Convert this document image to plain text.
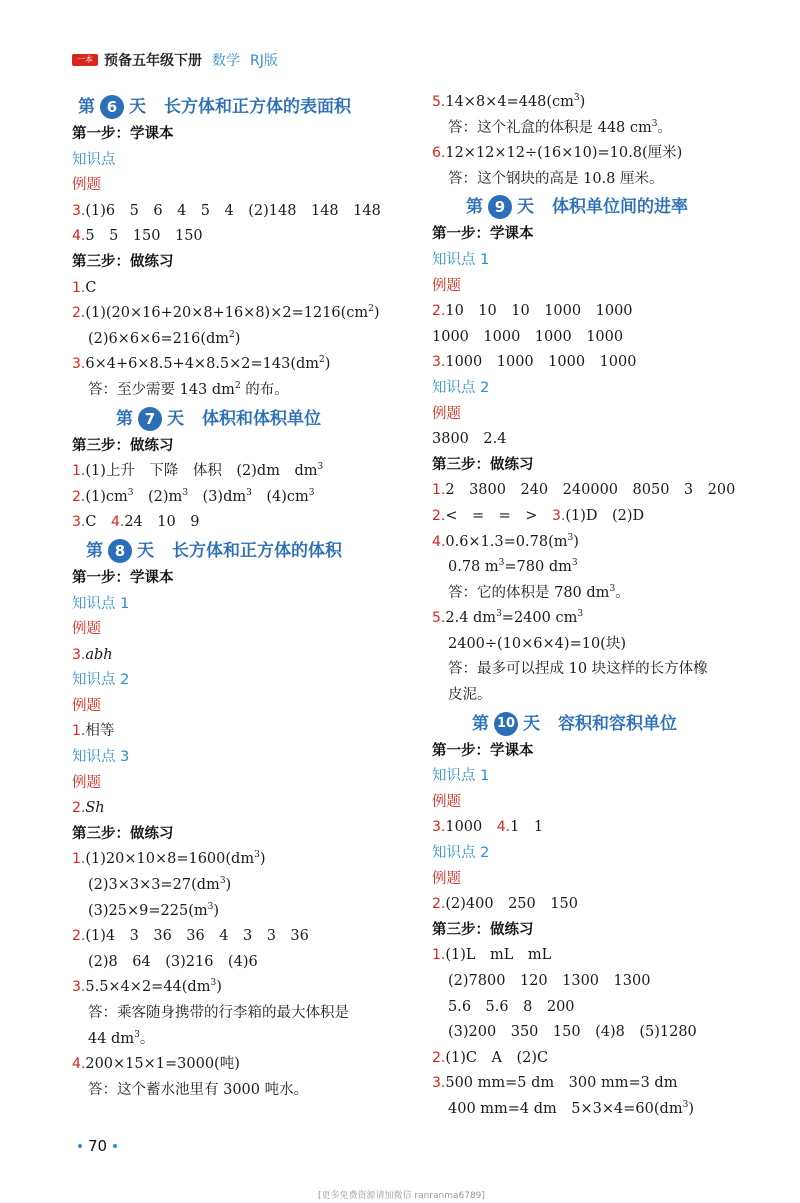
一本 预备五年级下册 数学 RJ版
第 6 天 长方体和正方体的表面积
第一步：学课本
知识点
例题
3.(1)6　5　6　4　5　4　(2)148　148　148
4.5　5　150　150
第三步：做练习
1.C
$2.(1)(20\times 16+20\times 8+16\times 8)\times 2=1216(cm^2)$
$(2)6\times 6\times 6=216(dm^2)$
$3.6\times 4+6\times 8.5+4\times 8.5\times 2=143(dm^2)$
答：至少需要 143 $dm^2$ 的布。
第 7 天 体积和体积单位
第三步：做练习
1.(1)上升　下降　体积　(2)dm　$dm^3$
$2.(1)cm^3$　$(2)m^3$　$(3)dm^3$　$(4)cm^3$
3.C　 4.24　10　9
第 8 天 长方体和正方体的体积
第一步：学课本
知识点 1
例题
3.abh
知识点 2
例题
1.相等
知识点 3
例题
2.Sh
第三步：做练习
$1.(1)20\times 10\times 8=1600(dm^3)$
$(2)3\times 3\times 3=27(dm^3)$
$(3)25\times 9=225(m^3)$
2.(1)4　3　36　36　4　3　3　36
(2)8　64　(3)216　(4)6
$3.5.5\times 4\times 2=44(dm^3)$
答：乘客随身携带的行李箱的最大体积是
44 $dm^3$。
4.200×15×1=3000(吨)
答：这个蓄水池里有 3000 吨水。
$5.14\times 8\times 4=448(cm^3)$
答：这个礼盒的体积是 448 $cm^3$。
6.12×12×12÷(16×10)=10.8(厘米)
答：这个钢块的高是 10.8 厘米。
第 9 天 体积单位间的进率
第一步：学课本
知识点 1
例题
2.10　10　10　1000　1000
1000　1000　1000　1000
3.1000　1000　1000　1000
知识点 2
例题
3800　2.4
第三步：做练习
1.2　3800　240　240000　8050　3　200
2.<　=　=　>　 3.(1)D　(2)D
$4.0.6\times 1.3=0.78(m^3)$
0.78 $m^3=780$ $dm^3$
答：它的体积是 780 $dm^3$。
5.2.4 $dm^3=2400$ $cm^3$
2400÷(10×6×4)=10(块)
答：最多可以捏成 10 块这样的长方体橡
皮泥。
第 10 天 容积和容积单位
第一步：学课本
知识点 1
例题
3.1000　 4.1　1
知识点 2
例题
2.(2)400　250　150
第三步：做练习
1.(1)L　mL　mL
(2)7800　120　1300　1300
5.6　5.6　8　200
(3)200　350　150　(4)8　(5)1280
2.(1)C　A　(2)C
3.500 mm=5 dm　300 mm=3 dm
400 mm=4 dm　$5\times 3\times 4=60(dm^3)$
70
[更多免费资源请加微信 ranranma6789]
